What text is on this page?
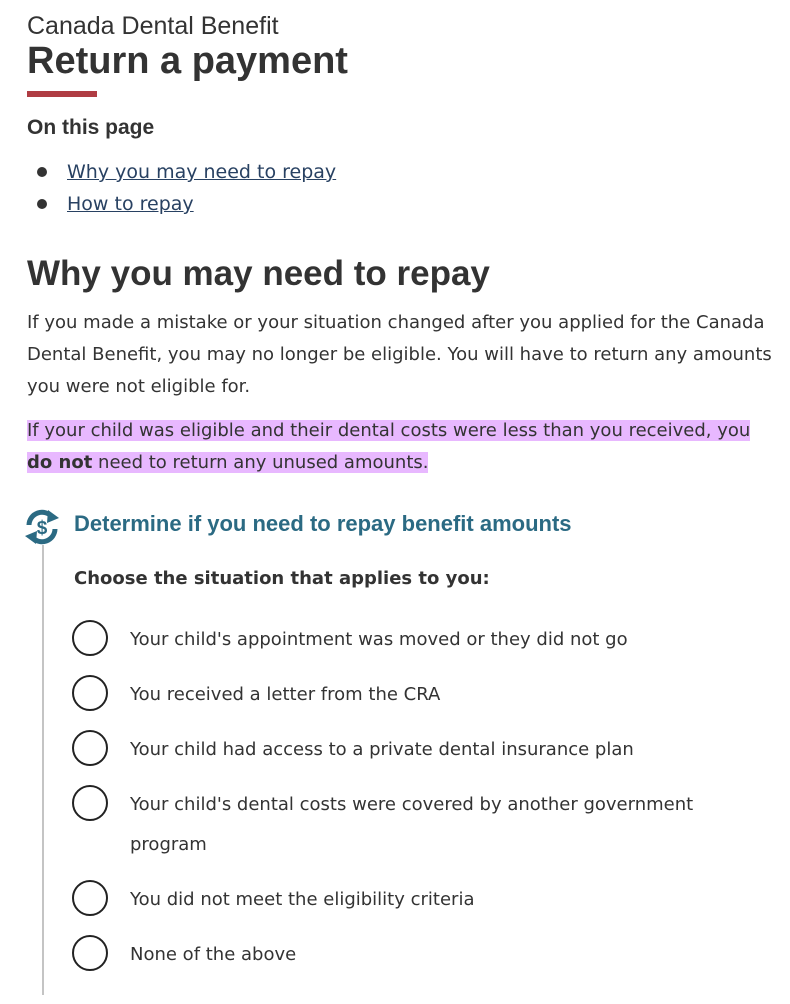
Canada Dental Benefit
Return a payment
On this page
Why you may need to repay
How to repay
Why you may need to repay

If you made a mistake or your situation changed after you applied for the Canada Dental Benefit, you may no longer be eligible. You will have to return any amounts you were not eligible for.

If your child was eligible and their dental costs were less than you received, you do not need to return any unused amounts.

$ Determine if you need to repay benefit amounts
Choose the situation that applies to you:
Your child's appointment was moved or they did not go
You received a letter from the CRA
Your child had access to a private dental insurance plan
Your child's dental costs were covered by another government program
You did not meet the eligibility criteria
None of the above
